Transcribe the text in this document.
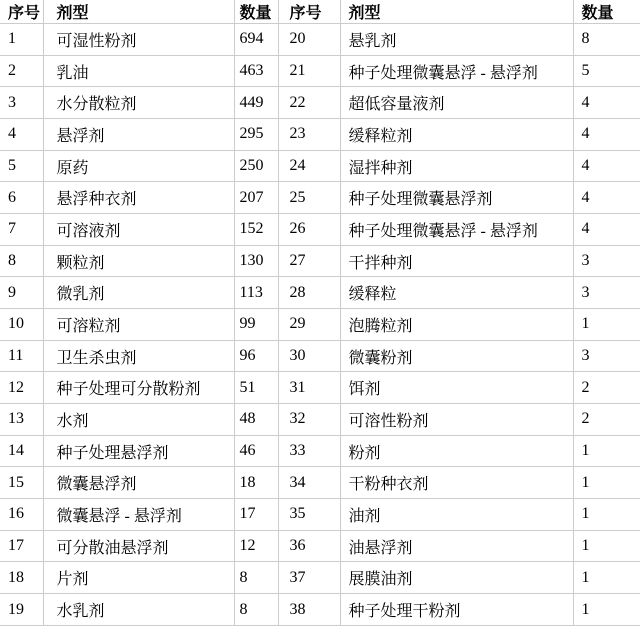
序号	剂型	数量	序号	剂型	数量
1	可湿性粉剂	694	20	悬乳剂	8
2	乳油	463	21	种子处理微囊悬浮 - 悬浮剂	5
3	水分散粒剂	449	22	超低容量液剂	4
4	悬浮剂	295	23	缓释粒剂	4
5	原药	250	24	湿拌种剂	4
6	悬浮种衣剂	207	25	种子处理微囊悬浮剂	4
7	可溶液剂	152	26	种子处理微囊悬浮 - 悬浮剂	4
8	颗粒剂	130	27	干拌种剂	3
9	微乳剂	113	28	缓释粒	3
10	可溶粒剂	99	29	泡腾粒剂	1
11	卫生杀虫剂	96	30	微囊粉剂	3
12	种子处理可分散粉剂	51	31	饵剂	2
13	水剂	48	32	可溶性粉剂	2
14	种子处理悬浮剂	46	33	粉剂	1
15	微囊悬浮剂	18	34	干粉种衣剂	1
16	微囊悬浮 - 悬浮剂	17	35	油剂	1
17	可分散油悬浮剂	12	36	油悬浮剂	1
18	片剂	8	37	展膜油剂	1
19	水乳剂	8	38	种子处理干粉剂	1
